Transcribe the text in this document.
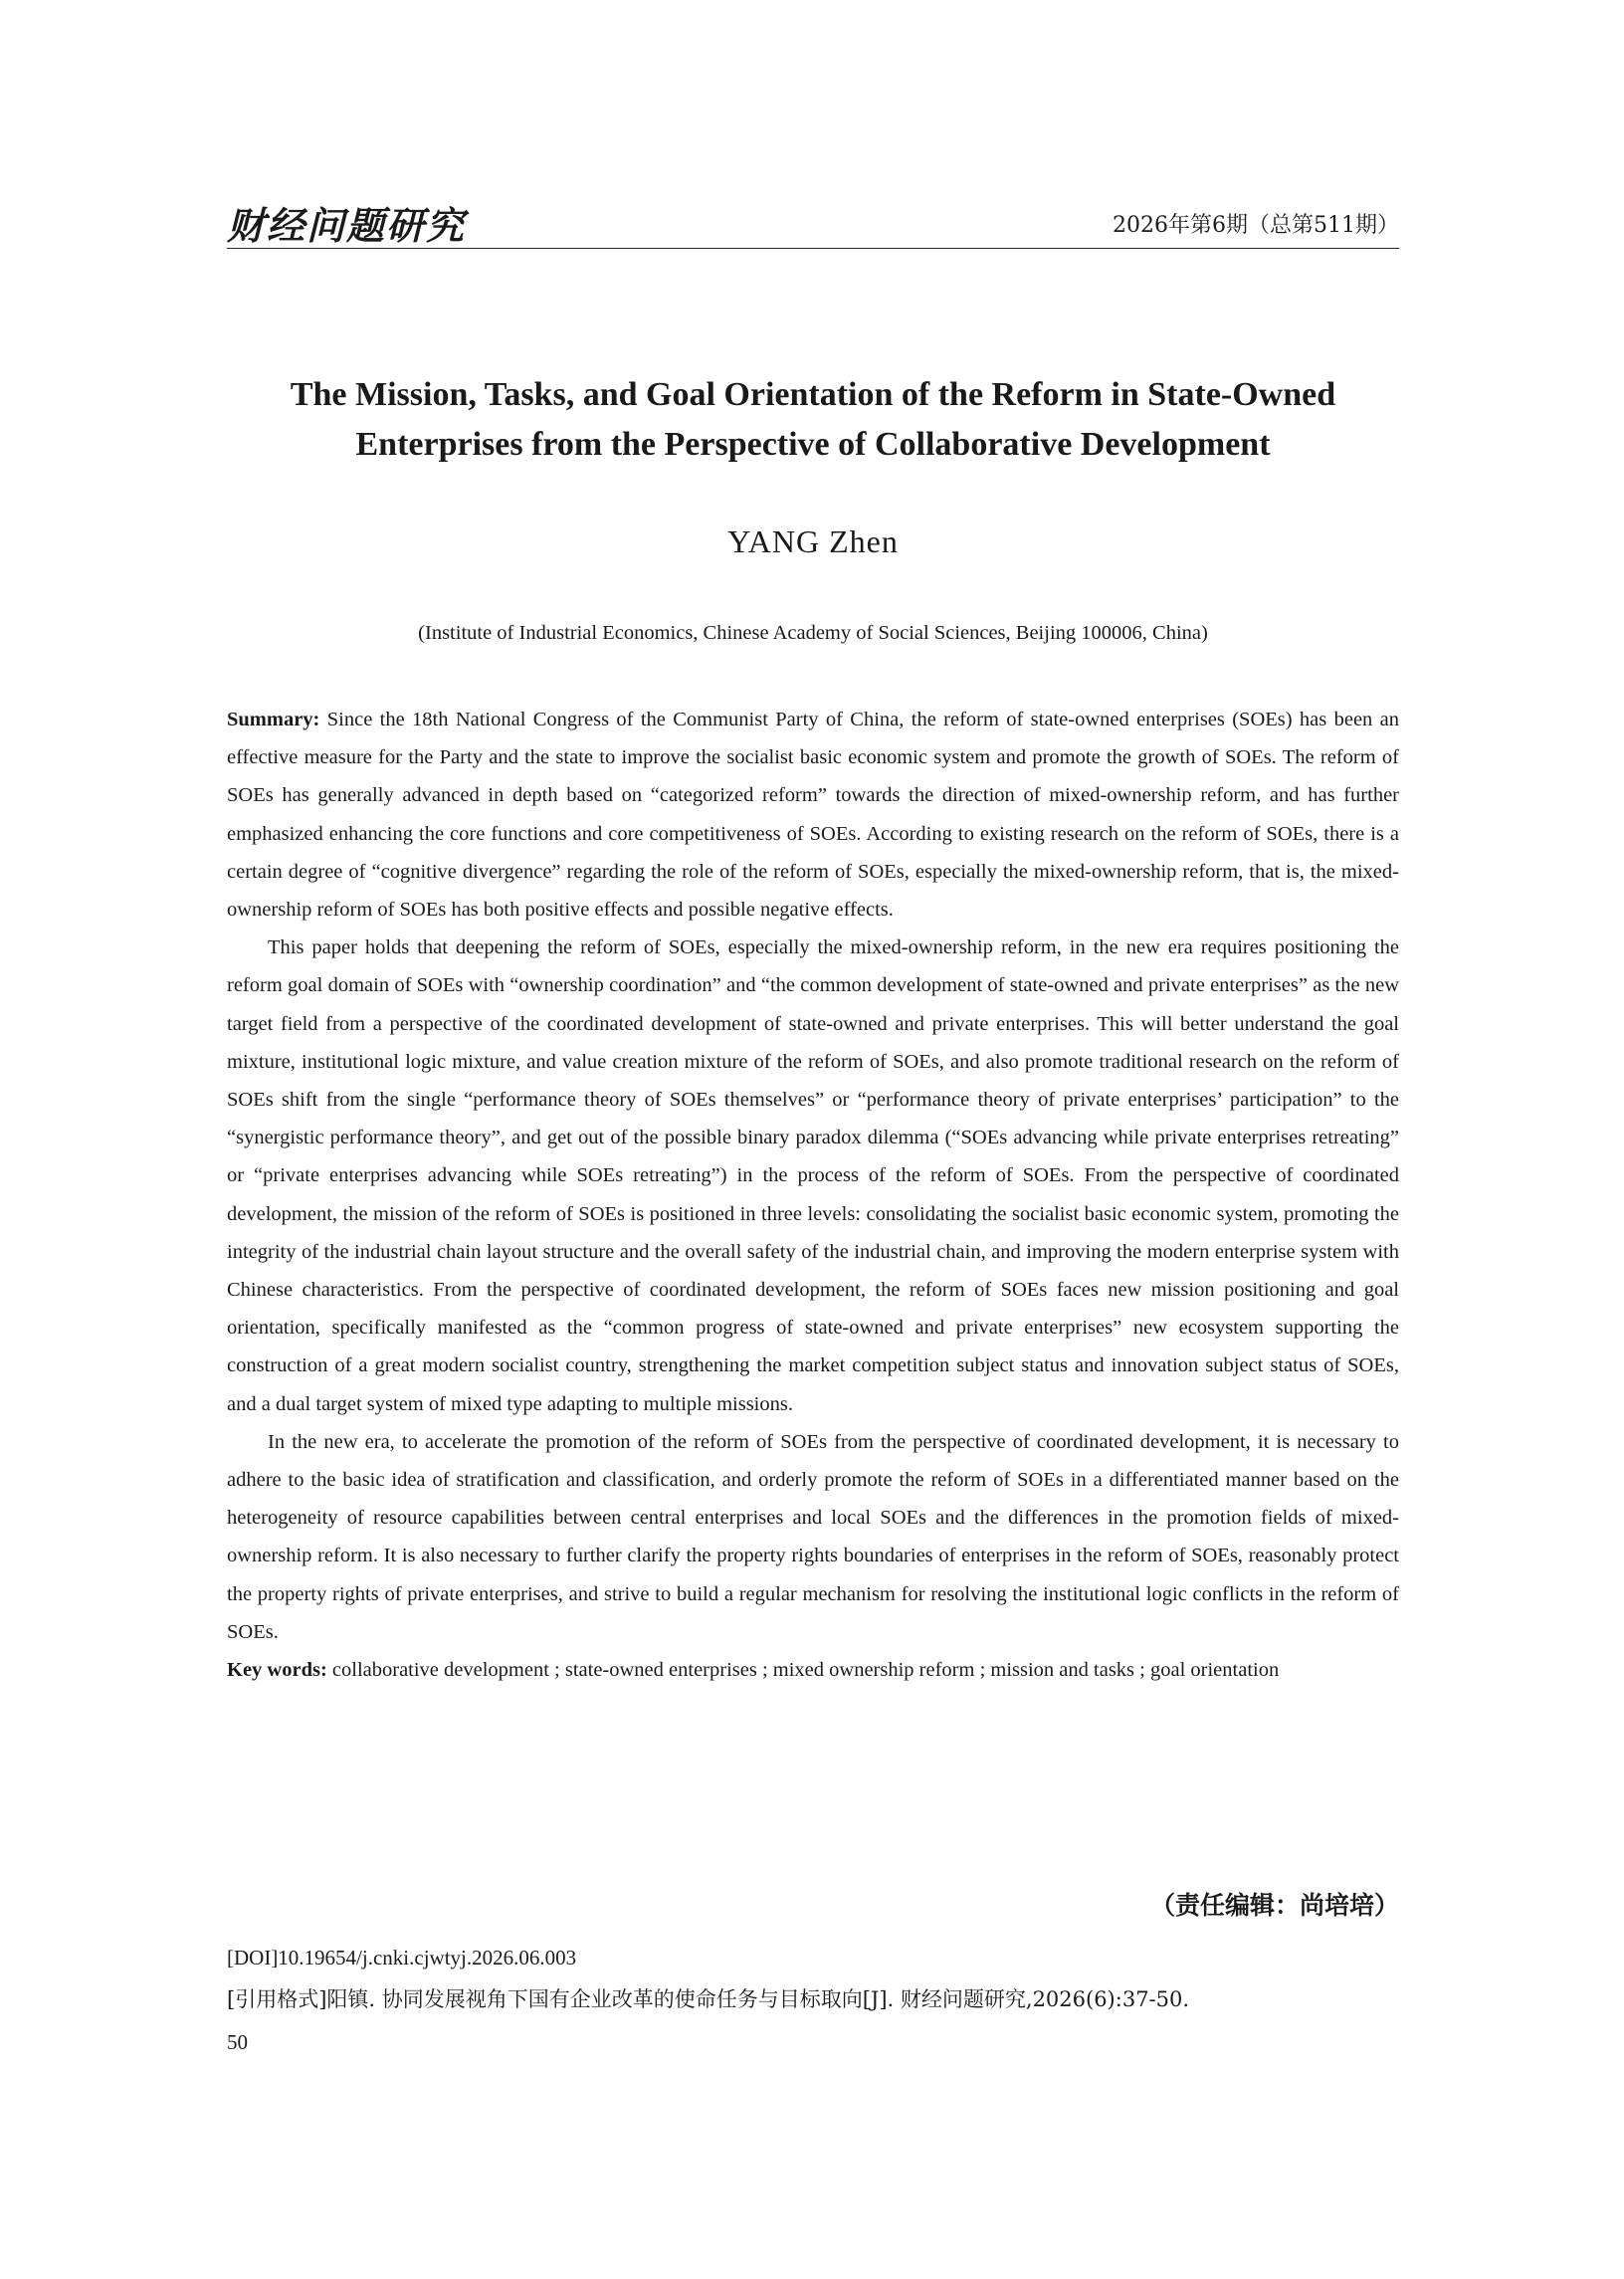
财经问题研究	2026年第6期（总第511期）
The Mission, Tasks, and Goal Orientation of the Reform in State-Owned
Enterprises from the Perspective of Collaborative Development
YANG Zhen
(Institute of Industrial Economics, Chinese Academy of Social Sciences, Beijing 100006, China)

Summary: Since the 18th National Congress of the Communist Party of China, the reform of state-owned enterprises (SOEs) has been an effective measure for the Party and the state to improve the socialist basic economic system and promote the growth of SOEs. The reform of SOEs has generally advanced in depth based on “categorized reform” towards the direction of mixed-ownership reform, and has further emphasized enhancing the core functions and core competitiveness of SOEs. According to existing research on the reform of SOEs, there is a certain degree of “cognitive divergence” regarding the role of the reform of SOEs, especially the mixed-ownership reform, that is, the mixed-ownership reform of SOEs has both positive effects and possible negative effects.

This paper holds that deepening the reform of SOEs, especially the mixed-ownership reform, in the new era requires positioning the reform goal domain of SOEs with “ownership coordination” and “the common development of state-owned and private enterprises” as the new target field from a perspective of the coordinated development of state-owned and private enterprises. This will better understand the goal mixture, institutional logic mixture, and value creation mixture of the reform of SOEs, and also promote traditional research on the reform of SOEs shift from the single “performance theory of SOEs themselves” or “performance theory of private enterprises’ participation” to the “synergistic performance theory”, and get out of the possible binary paradox dilemma (“SOEs advancing while private enterprises retreating” or “private enterprises advancing while SOEs retreating”) in the process of the reform of SOEs. From the perspective of coordinated development, the mission of the reform of SOEs is positioned in three levels: consolidating the socialist basic economic system, promoting the integrity of the industrial chain layout structure and the overall safety of the industrial chain, and improving the modern enterprise system with Chinese characteristics. From the perspective of coordinated development, the reform of SOEs faces new mission positioning and goal orientation, specifically manifested as the “common progress of state-owned and private enterprises” new ecosystem supporting the construction of a great modern socialist country, strengthening the market competition subject status and innovation subject status of SOEs, and a dual target system of mixed type adapting to multiple missions.

In the new era, to accelerate the promotion of the reform of SOEs from the perspective of coordinated development, it is necessary to adhere to the basic idea of stratification and classification, and orderly promote the reform of SOEs in a differentiated manner based on the heterogeneity of resource capabilities between central enterprises and local SOEs and the differences in the promotion fields of mixed-ownership reform. It is also necessary to further clarify the property rights boundaries of enterprises in the reform of SOEs, reasonably protect the property rights of private enterprises, and strive to build a regular mechanism for resolving the institutional logic conflicts in the reform of SOEs.

Key words: collaborative development ; state-owned enterprises ; mixed ownership reform ; mission and tasks ; goal orientation

（责任编辑：尚培培）
[DOI]10.19654/j.cnki.cjwtyj.2026.06.003
[引用格式]阳镇. 协同发展视角下国有企业改革的使命任务与目标取向[J]. 财经问题研究,2026(6):37-50.
50
